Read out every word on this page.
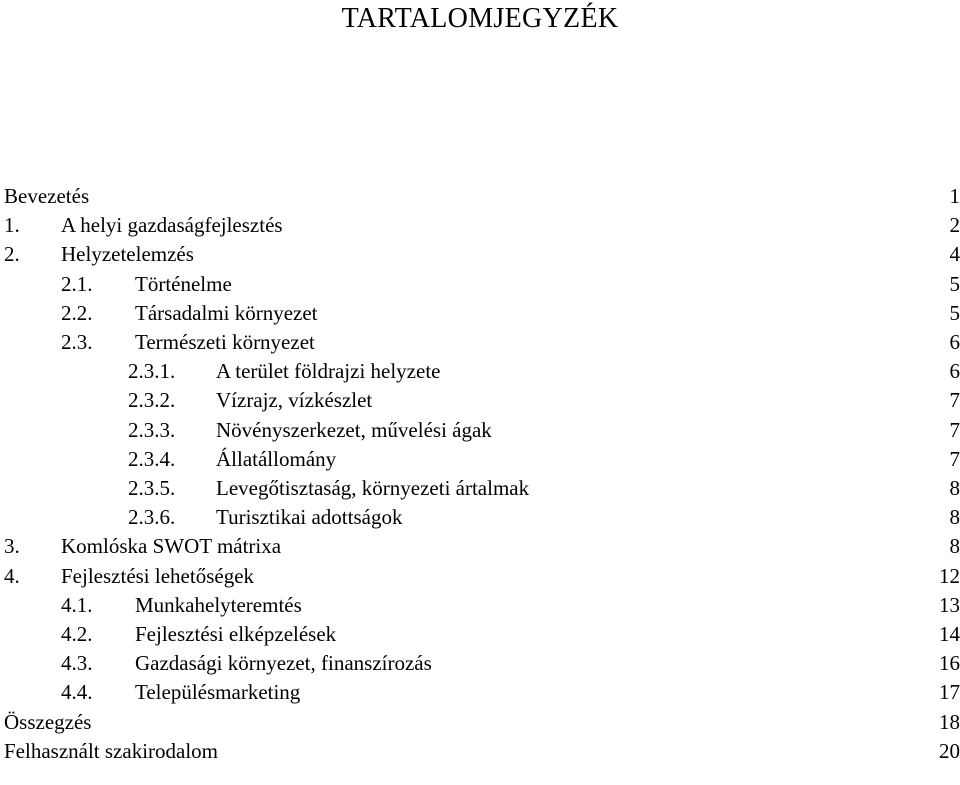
TARTALOMJEGYZÉK
Bevezetés	1
1. A helyi gazdaságfejlesztés	2
2. Helyzetelemzés	4
2.1. Történelme	5
2.2. Társadalmi környezet	5
2.3. Természeti környezet	6
2.3.1. A terület földrajzi helyzete	6
2.3.2. Vízrajz, vízkészlet	7
2.3.3. Növényszerkezet, művelési ágak	7
2.3.4. Állatállomány	7
2.3.5. Levegőtisztaság, környezeti ártalmak	8
2.3.6. Turisztikai adottságok	8
3. Komlóska SWOT mátrixa	8
4. Fejlesztési lehetőségek	12
4.1. Munkahelyteremtés	13
4.2. Fejlesztési elképzelések	14
4.3. Gazdasági környezet, finanszírozás	16
4.4. Településmarketing	17
Összegzés	18
Felhasznált szakirodalom	20
